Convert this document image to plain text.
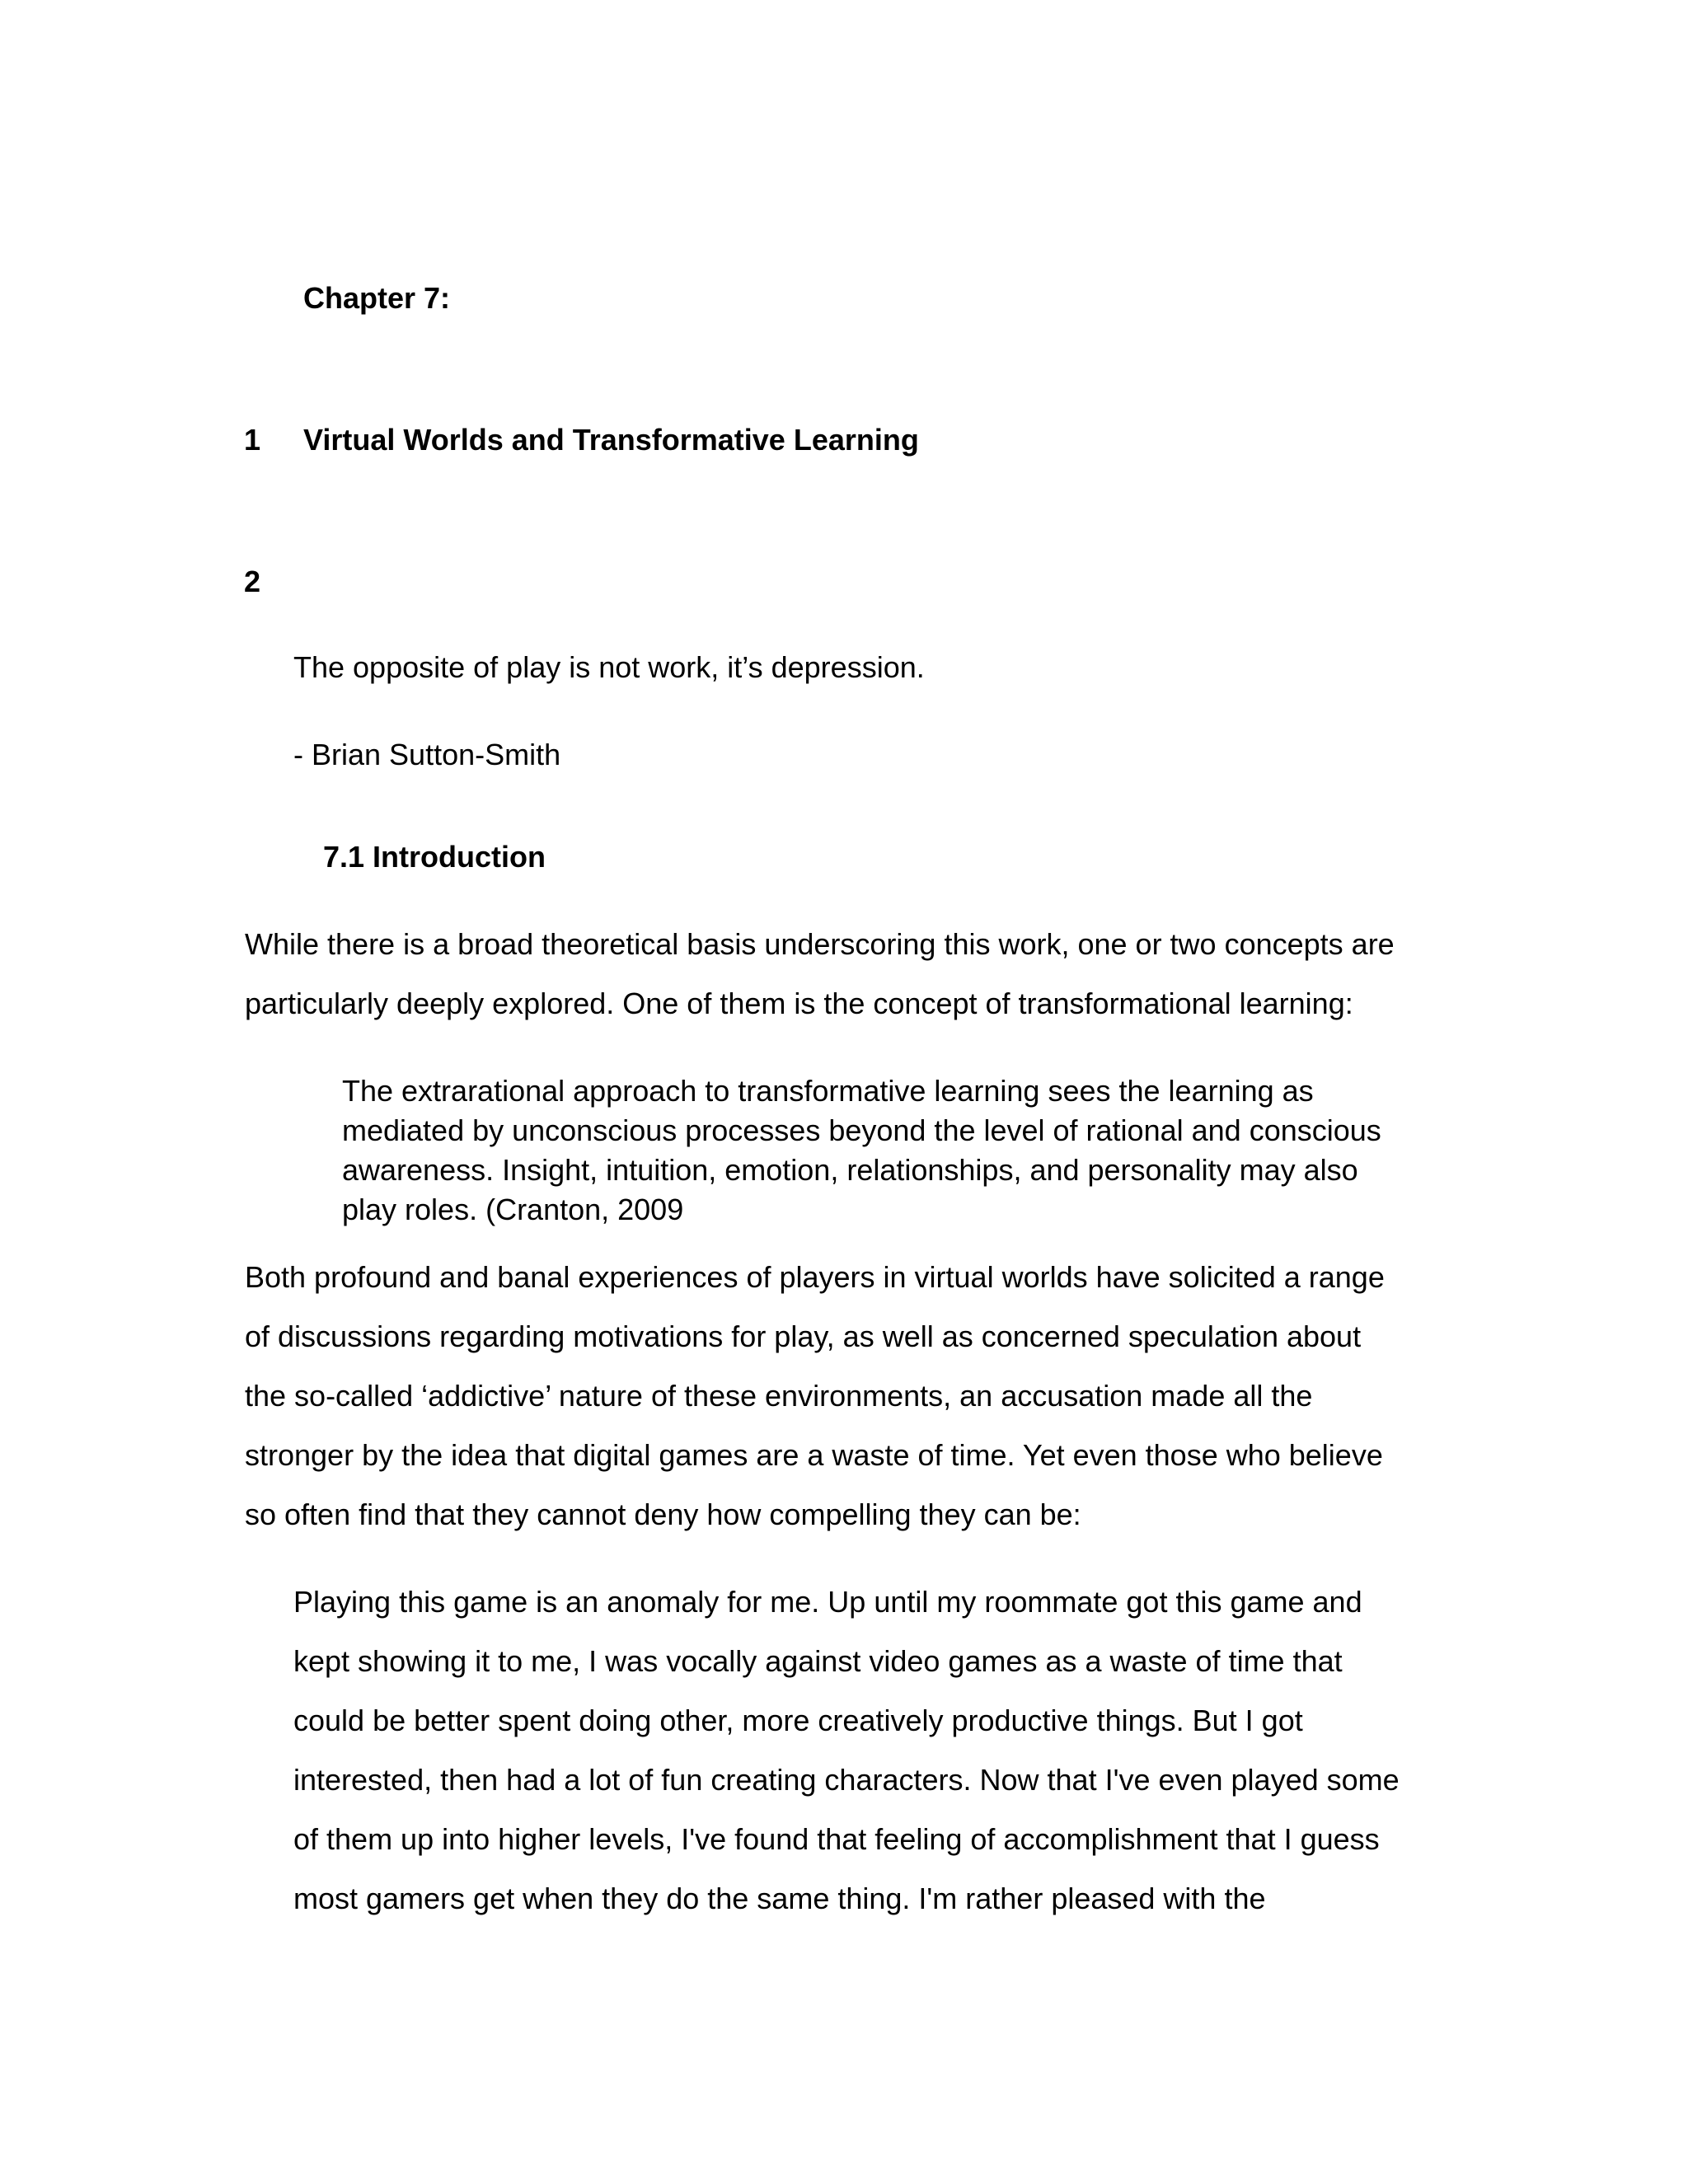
Chapter 7:
1 Virtual Worlds and Transformative Learning
2
The opposite of play is not work, it’s depression.
- Brian Sutton-Smith
7.1 Introduction
While there is a broad theoretical basis underscoring this work, one or two concepts are
particularly deeply explored. One of them is the concept of transformational learning:
The extrarational approach to transformative learning sees the learning as
mediated by unconscious processes beyond the level of rational and conscious
awareness. Insight, intuition, emotion, relationships, and personality may also
play roles. (Cranton, 2009
Both profound and banal experiences of players in virtual worlds have solicited a range
of discussions regarding motivations for play, as well as concerned speculation about
the so-called ‘addictive’ nature of these environments, an accusation made all the
stronger by the idea that digital games are a waste of time. Yet even those who believe
so often find that they cannot deny how compelling they can be:
Playing this game is an anomaly for me. Up until my roommate got this game and
kept showing it to me, I was vocally against video games as a waste of time that
could be better spent doing other, more creatively productive things. But I got
interested, then had a lot of fun creating characters. Now that I've even played some
of them up into higher levels, I've found that feeling of accomplishment that I guess
most gamers get when they do the same thing. I'm rather pleased with the
